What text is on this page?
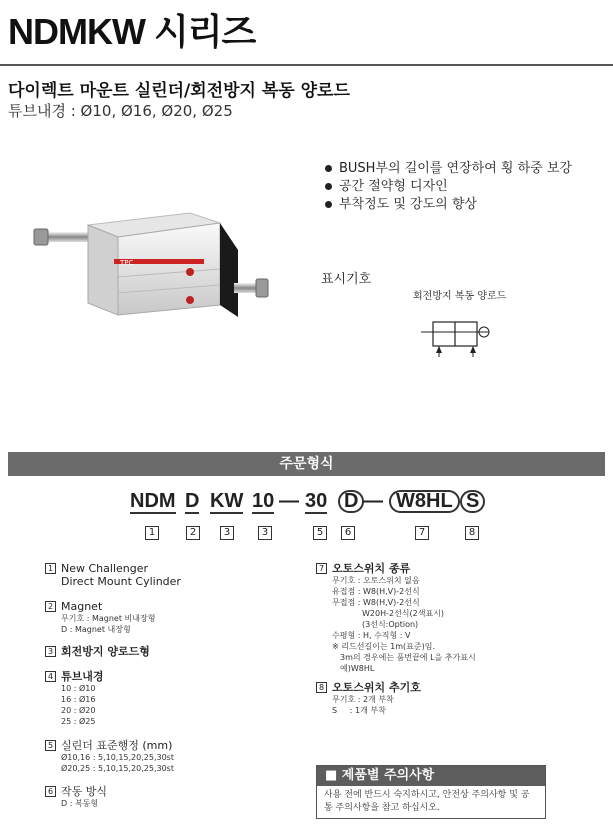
NDMKW 시리즈
다이렉트 마운트 실린더/회전방지 복동 양로드
튜브내경 : Ø10, Ø16, Ø20, Ø25
TPC
BUSH부의 길이를 연장하여 횡 하중 보강
공간 절약형 디자인
부착정도 및 강도의 향상
표시기호
회전방지 복동 양로드
주문형식
NDM D KW 10 — 30 D — W8HL S
1	2	3	3	5	6	7	8
1 New Challenger
Direct Mount Cylinder
2 Magnet
무기호 : Magnet 비내장형
D : Magnet 내장형
3 회전방지 양로드형
4 튜브내경
10 : Ø10
16 : Ø16
20 : Ø20
25 : Ø25
5 실린더 표준행정 (mm)
Ø10,16 : 5,10,15,20,25,30st
Ø20,25 : 5,10,15,20,25,30st
6 작동 방식
D : 복동형
7 오토스위치 종류
무기호 : 오토스위치 없음
유접점 : W8(H,V)-2선식
무접점 : W8(H,V)-2선식
W20H-2선식(2색표시)
(3선식:Option)
수평형 : H, 수직형 : V
※ 리드선길이는 1m(표준)임.
3m의 경우에는 품번끝에 L을 추가표시
예)W8HL
8 오토스위치 추기호
무기호 : 2개 부착
S     : 1개 부착
■ 제품별 주의사항
사용 전에 반드시 숙지하시고, 안전상 주의사항 및 공통 주의사항을 참고 하십시오.
